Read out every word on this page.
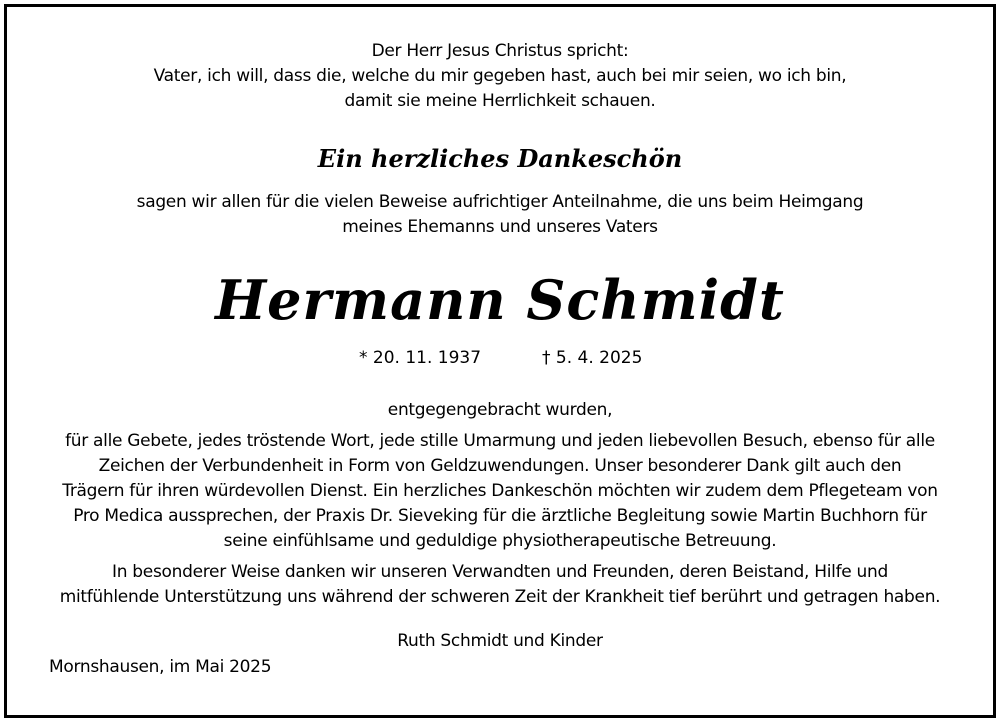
Der Herr Jesus Christus spricht:
Vater, ich will, dass die, welche du mir gegeben hast, auch bei mir seien, wo ich bin,
damit sie meine Herrlichkeit schauen.
Ein herzliches Dankeschön
sagen wir allen für die vielen Beweise aufrichtiger Anteilnahme, die uns beim Heimgang
meines Ehemanns und unseres Vaters
Hermann Schmidt
* 20. 11. 1937	† 5. 4. 2025
entgegengebracht wurden,
für alle Gebete, jedes tröstende Wort, jede stille Umarmung und jeden liebevollen Besuch, ebenso für alle
Zeichen der Verbundenheit in Form von Geldzuwendungen. Unser besonderer Dank gilt auch den
Trägern für ihren würdevollen Dienst. Ein herzliches Dankeschön möchten wir zudem dem Pflegeteam von
Pro Medica aussprechen, der Praxis Dr. Sieveking für die ärztliche Begleitung sowie Martin Buchhorn für
seine einfühlsame und geduldige physiotherapeutische Betreuung.
In besonderer Weise danken wir unseren Verwandten und Freunden, deren Beistand, Hilfe und
mitfühlende Unterstützung uns während der schweren Zeit der Krankheit tief berührt und getragen haben.
Ruth Schmidt und Kinder
Mornshausen, im Mai 2025
